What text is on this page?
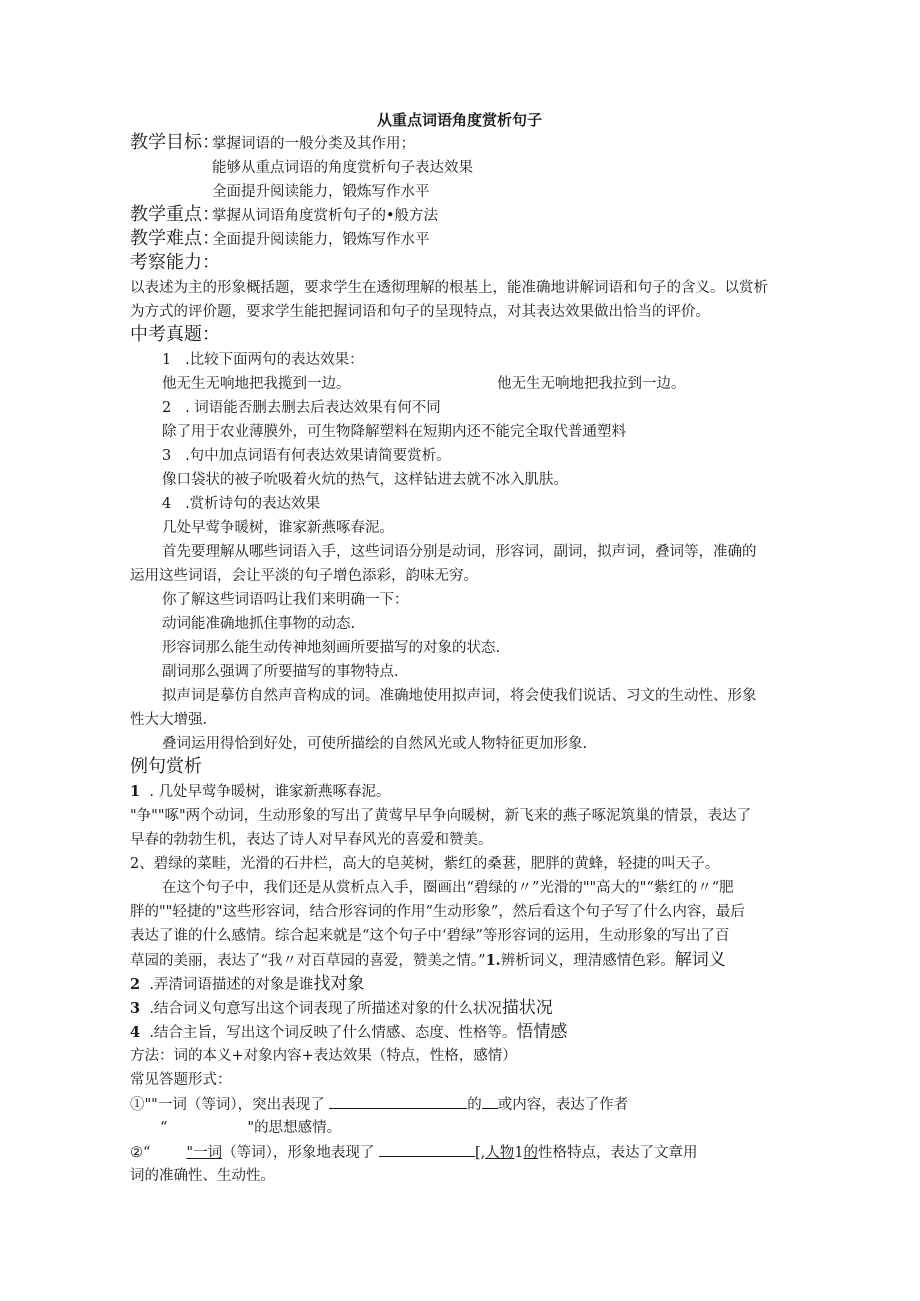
从重点词语角度赏析句子
教学目标：
掌握词语的一般分类及其作用；
能够从重点词语的角度赏析句子表达效果
全面提升阅读能力，锻炼写作水平
教学重点：
掌握从词语角度赏析句子的•般方法
教学难点：
全面提升阅读能力，锻炼写作水平
考察能力：
以表述为主的形象概括题，要求学生在透彻理解的根基上，能准确地讲解词语和句子的含义。以赏析
为方式的评价题，要求学生能把握词语和句子的呈现特点，对其表达效果做出恰当的评价。
中考真题：
1 .比较下面两句的表达效果：
他无生无响地把我揽到一边。	他无生无响地把我拉到一边。
2 . 词语能否删去删去后表达效果有何不同
除了用于农业薄膜外，可生物降解塑料在短期内还不能完全取代普通塑料
3 .句中加点词语有何表达效果请简要赏析。
像口袋状的被子吮吸着火炕的热气，这样钻进去就不冰入肌肤。
4 .赏析诗句的表达效果
几处早莺争暖树，谁家新燕啄春泥。
首先要理解从哪些词语入手，这些词语分别是动词，形容词，副词，拟声词，叠词等，准确的
运用这些词语，会让平淡的句子增色添彩，韵味无穷。
你了解这些词语吗让我们来明确一下：
动词能准确地抓住事物的动态.
形容词那么能生动传神地刻画所要描写的对象的状态.
副词那么强调了所要描写的事物特点.
拟声词是摹仿自然声音构成的词。准确地使用拟声词，将会使我们说话、习文的生动性、形象
性大大增强.
叠词运用得恰到好处，可使所描绘的自然风光或人物特征更加形象.
例句赏析
1 . 几处早莺争暖树，谁家新燕啄春泥。
"争""啄"两个动词，生动形象的写出了黄莺早早争向暖树，新飞来的燕子啄泥筑巢的情景，表达了
早春的勃勃生机，表达了诗人对早春风光的喜爱和赞美。
2、碧绿的菜畦，光滑的石井栏，高大的皂荚树，紫红的桑葚，肥胖的黄蜂，轻捷的叫天子。
在这个句子中，我们还是从赏析点入手，圈画出“碧绿的〃”光滑的""高大的"“紫红的〃“肥
胖的""轻捷的"这些形容词，结合形容词的作用“生动形象”，然后看这个句子写了什么内容，最后
表达了谁的什么感情。综合起来就是“这个句子中‘碧绿”等形容词的运用，生动形象的写出了百
草园的美丽，表达了“我〃对百草园的喜爱，赞美之情。”1.辨析词义，理清感情色彩。解词义
2 .弄清词语描述的对象是谁找对象
3 .结合词义句意写出这个词表现了所描述对象的什么状况描状况
4 .结合主旨，写出这个词反映了什么情感、态度、性格等。悟情感
方法：词的本义+对象内容+表达效果（特点，性格，感情）
常见答题形式：
①""一词（等词），突出表现了	的 或内容，表达了作者
“	"的思想感情。
②“ "一词（等词），形象地表现了	[,人物1的性格特点，表达了文章用
词的准确性、生动性。
